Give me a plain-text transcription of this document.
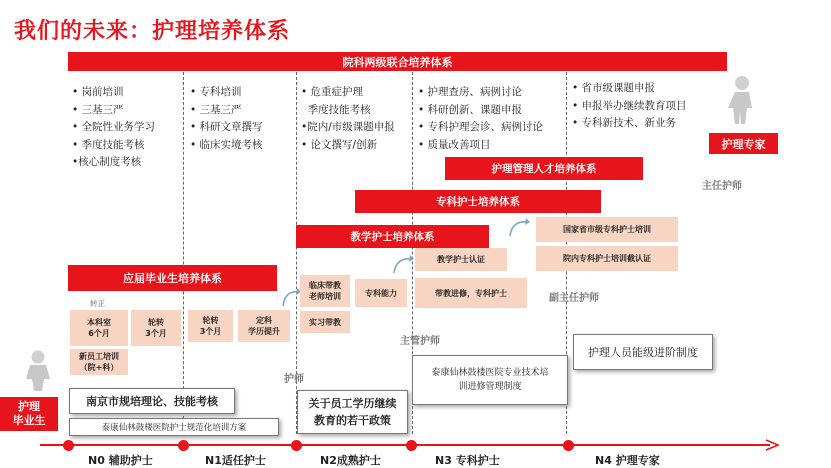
我们的未来：护理培养体系
院科两级联合培养体系
• 岗前培训
• 三基三严
• 全院性业务学习
• 季度技能考核
•核心制度考核
• 专科培训
• 三基三严
• 科研文章撰写
• 临床实境考核
• 危重症护理
季度技能考核
•院内/市级课题申报
• 论文撰写/创新
• 护理查房、病例讨论
• 科研创新、课题申报
• 专科护理会诊、病例讨论
• 质量改善项目
• 省市级课题申报
• 申报举办继续教育项目
• 专科新技术、新业务
护理专家
主任护师
副主任护师
主管护师
护师
护理管理人才培养体系
专科护士培养体系
教学护士培养体系
应届毕业生培养体系
国家省市级专科护士培训
院内专科护士培训截认证
教学护士认证
带教进修，专科护士
临床带教
老师培训	专科能力
实习带教
转正
本科室
6个月
轮转
3个月
新员工培训
（院+科）
轮转
3个月
定科
学历提升
南京市规培理论、技能考核
泰康仙林鼓楼医院护士规范化培训方案
关于员工学历继续
教育的若干政策
泰康仙林鼓楼医院专业技术培
训进修管理制度
护理人员能级进阶制度
护理
毕业生
N0 辅助护士	N1适任护士	N2成熟护士	N3 专科护士	N4 护理专家
